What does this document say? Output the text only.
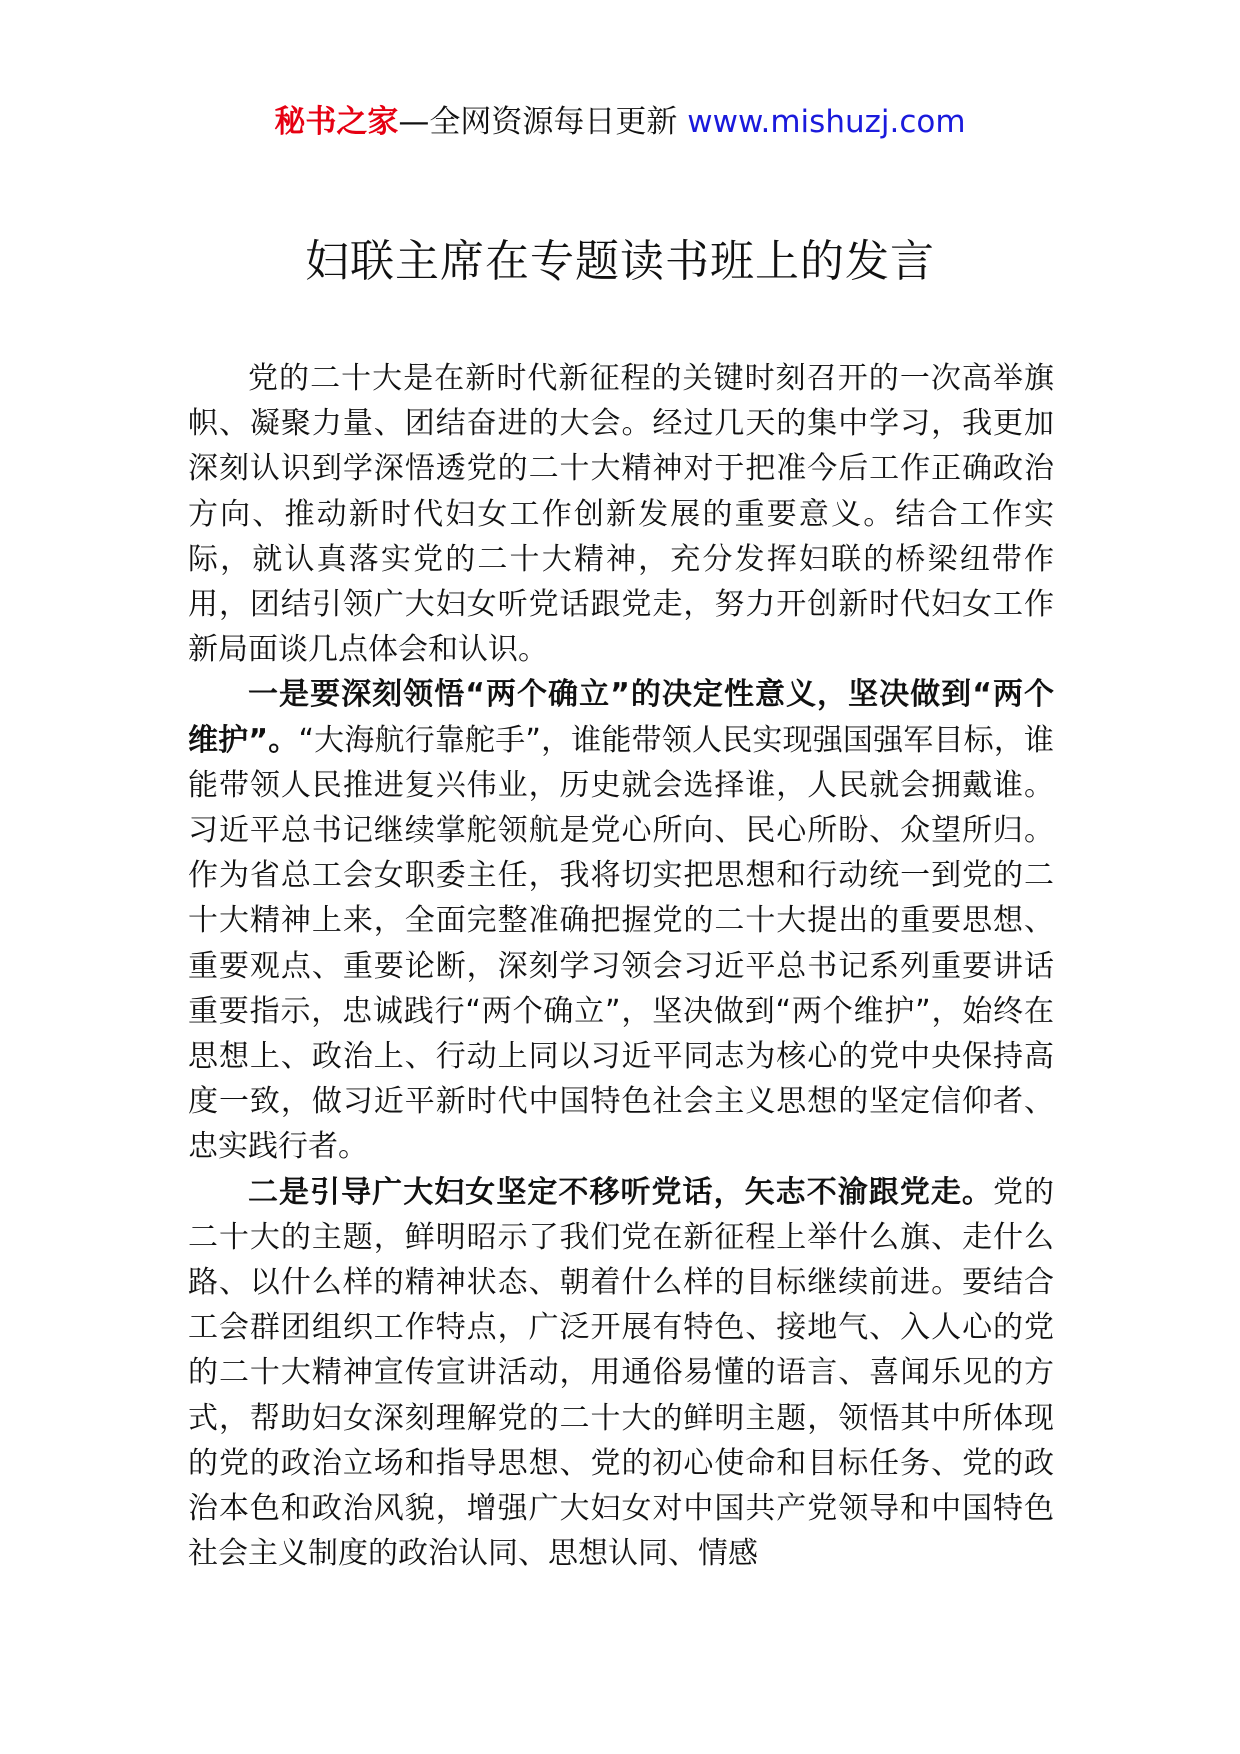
秘书之家—全网资源每日更新 www.mishuzj.com
妇联主席在专题读书班上的发言

党的二十大是在新时代新征程的关键时刻召开的一次高举旗帜、凝聚力量、团结奋进的大会。经过几天的集中学习，我更加深刻认识到学深悟透党的二十大精神对于把准今后工作正确政治方向、推动新时代妇女工作创新发展的重要意义。结合工作实际，就认真落实党的二十大精神，充分发挥妇联的桥梁纽带作用，团结引领广大妇女听党话跟党走，努力开创新时代妇女工作新局面谈几点体会和认识。

一是要深刻领悟“两个确立”的决定性意义，坚决做到“两个维护”。“大海航行靠舵手”，谁能带领人民实现强国强军目标，谁能带领人民推进复兴伟业，历史就会选择谁，人民就会拥戴谁。习近平总书记继续掌舵领航是党心所向、民心所盼、众望所归。作为省总工会女职委主任，我将切实把思想和行动统一到党的二十大精神上来，全面完整准确把握党的二十大提出的重要思想、重要观点、重要论断，深刻学习领会习近平总书记系列重要讲话重要指示，忠诚践行“两个确立”，坚决做到“两个维护”，始终在思想上、政治上、行动上同以习近平同志为核心的党中央保持高度一致，做习近平新时代中国特色社会主义思想的坚定信仰者、忠实践行者。

二是引导广大妇女坚定不移听党话，矢志不渝跟党走。党的二十大的主题，鲜明昭示了我们党在新征程上举什么旗、走什么路、以什么样的精神状态、朝着什么样的目标继续前进。要结合工会群团组织工作特点，广泛开展有特色、接地气、入人心的党的二十大精神宣传宣讲活动，用通俗易懂的语言、喜闻乐见的方式，帮助妇女深刻理解党的二十大的鲜明主题，领悟其中所体现的党的政治立场和指导思想、党的初心使命和目标任务、党的政治本色和政治风貌，增强广大妇女对中国共产党领导和中国特色社会主义制度的政治认同、思想认同、情感
